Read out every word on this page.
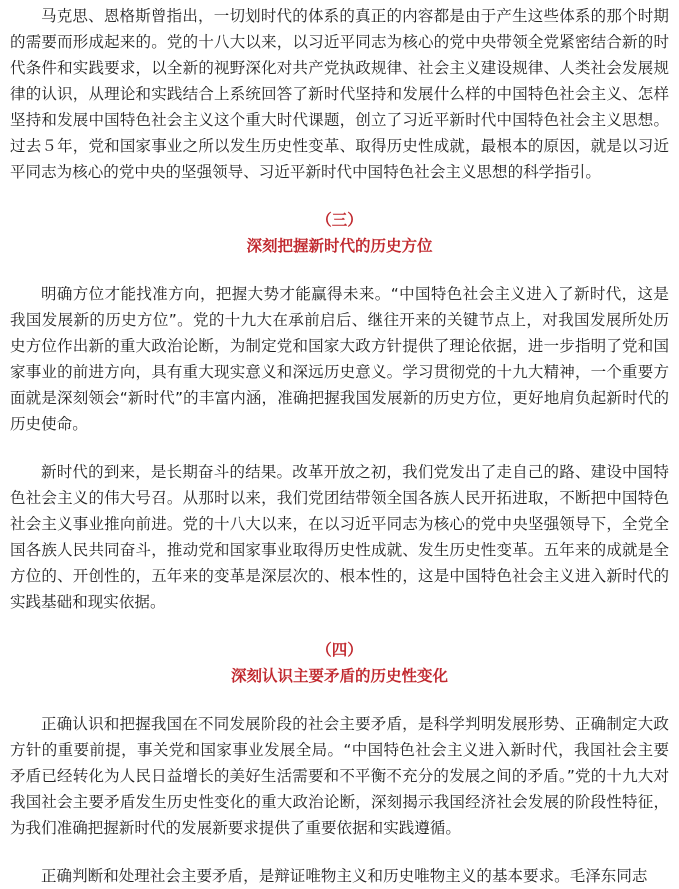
马克思、恩格斯曾指出，一切划时代的体系的真正的内容都是由于产生这些体系的那个时期的需要而形成起来的。党的十八大以来，以习近平同志为核心的党中央带领全党紧密结合新的时代条件和实践要求，以全新的视野深化对共产党执政规律、社会主义建设规律、人类社会发展规律的认识，从理论和实践结合上系统回答了新时代坚持和发展什么样的中国特色社会主义、怎样坚持和发展中国特色社会主义这个重大时代课题，创立了习近平新时代中国特色社会主义思想。过去５年，党和国家事业之所以发生历史性变革、取得历史性成就，最根本的原因，就是以习近平同志为核心的党中央的坚强领导、习近平新时代中国特色社会主义思想的科学指引。

（三）
深刻把握新时代的历史方位

明确方位才能找准方向，把握大势才能赢得未来。“中国特色社会主义进入了新时代，这是我国发展新的历史方位”。党的十九大在承前启后、继往开来的关键节点上，对我国发展所处历史方位作出新的重大政治论断，为制定党和国家大政方针提供了理论依据，进一步指明了党和国家事业的前进方向，具有重大现实意义和深远历史意义。学习贯彻党的十九大精神，一个重要方面就是深刻领会“新时代”的丰富内涵，准确把握我国发展新的历史方位，更好地肩负起新时代的历史使命。

新时代的到来，是长期奋斗的结果。改革开放之初，我们党发出了走自己的路、建设中国特色社会主义的伟大号召。从那时以来，我们党团结带领全国各族人民开拓进取，不断把中国特色社会主义事业推向前进。党的十八大以来，在以习近平同志为核心的党中央坚强领导下，全党全国各族人民共同奋斗，推动党和国家事业取得历史性成就、发生历史性变革。五年来的成就是全方位的、开创性的，五年来的变革是深层次的、根本性的，这是中国特色社会主义进入新时代的实践基础和现实依据。

（四）
深刻认识主要矛盾的历史性变化

正确认识和把握我国在不同发展阶段的社会主要矛盾，是科学判明发展形势、正确制定大政方针的重要前提，事关党和国家事业发展全局。“中国特色社会主义进入新时代，我国社会主要矛盾已经转化为人民日益增长的美好生活需要和不平衡不充分的发展之间的矛盾。”党的十九大对我国社会主要矛盾发生历史性变化的重大政治论断，深刻揭示我国经济社会发展的阶段性特征，为我们准确把握新时代的发展新要求提供了重要依据和实践遵循。

正确判断和处理社会主要矛盾，是辩证唯物主义和历史唯物主义的基本要求。毛泽东同志
